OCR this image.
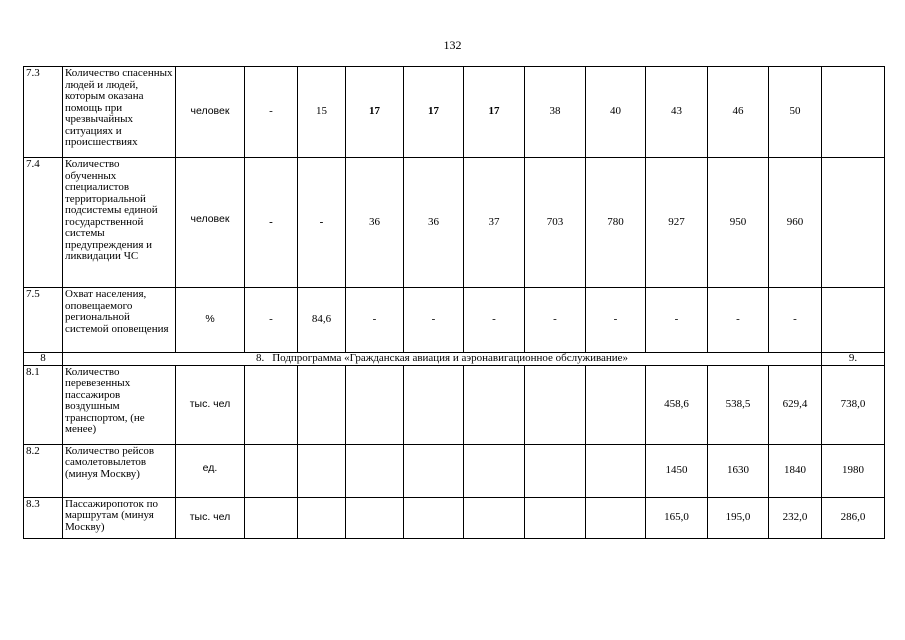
132
7.3	Количество спасенных людей и людей, которым оказана помощь при чрезвычайных ситуациях и происшествиях	человек	-	15	17	17	17	38	40	43	46	50	
7.4	Количество обученных специалистов территориальной подсистемы единой государственной системы предупреждения и ликвидации ЧС	человек	-	-	36	36	37	703	780	927	950	960	
7.5	Охват населения, оповещаемого региональной системой оповещения	%	-	84,6	-	-	-	-	-	-	-	-	
8	8. Подпрограмма «Гражданская авиация и аэронавигационное обслуживание»												9.
8.1	Количество перевезенных пассажиров воздушным транспортом, (не менее)	тыс. чел								458,6	538,5	629,4	738,0
8.2	Количество рейсов самолетовылетов (минуя Москву)	ед.								1450	1630	1840	1980
8.3	Пассажиропоток по маршрутам (минуя Москву)	тыс. чел								165,0	195,0	232,0	286,0
